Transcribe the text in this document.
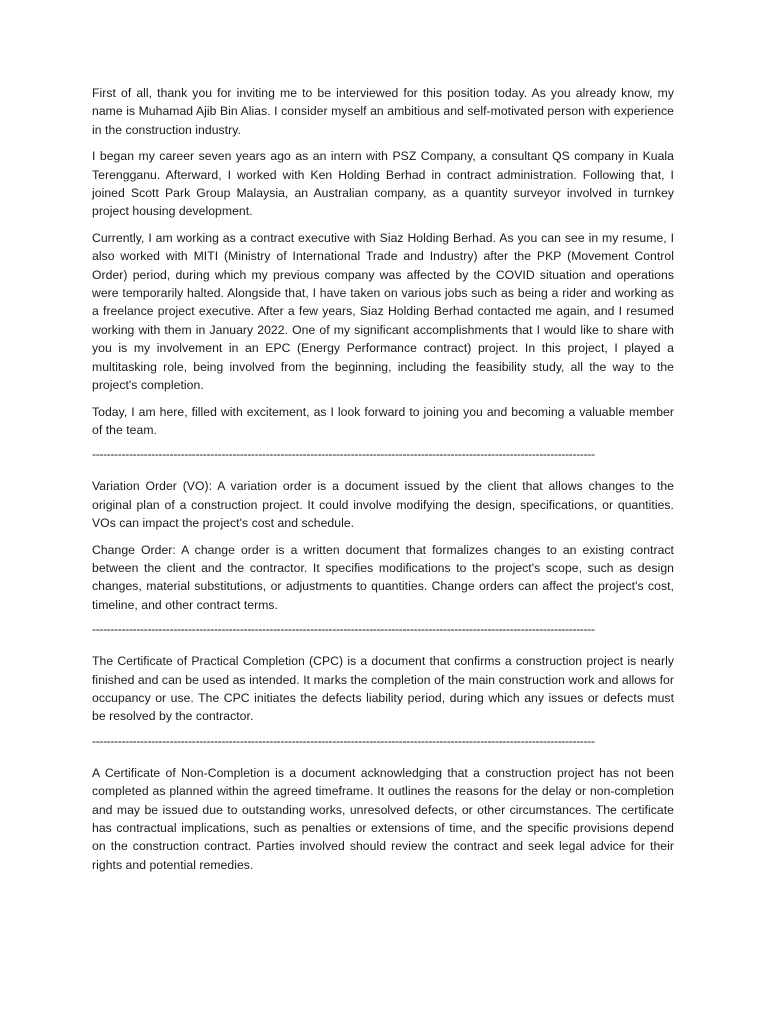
First of all, thank you for inviting me to be interviewed for this position today. As you already know, my name is Muhamad Ajib Bin Alias. I consider myself an ambitious and self-motivated person with experience in the construction industry.

I began my career seven years ago as an intern with PSZ Company, a consultant QS company in Kuala Terengganu. Afterward, I worked with Ken Holding Berhad in contract administration. Following that, I joined Scott Park Group Malaysia, an Australian company, as a quantity surveyor involved in turnkey project housing development.

Currently, I am working as a contract executive with Siaz Holding Berhad. As you can see in my resume, I also worked with MITI (Ministry of International Trade and Industry) after the PKP (Movement Control Order) period, during which my previous company was affected by the COVID situation and operations were temporarily halted. Alongside that, I have taken on various jobs such as being a rider and working as a freelance project executive. After a few years, Siaz Holding Berhad contacted me again, and I resumed working with them in January 2022. One of my significant accomplishments that I would like to share with you is my involvement in an EPC (Energy Performance contract) project. In this project, I played a multitasking role, being involved from the beginning, including the feasibility study, all the way to the project's completion.

Today, I am here, filled with excitement, as I look forward to joining you and becoming a valuable member of the team.

----------------------------------------------------------------------------------------------------------------------------------------

Variation Order (VO): A variation order is a document issued by the client that allows changes to the original plan of a construction project. It could involve modifying the design, specifications, or quantities. VOs can impact the project's cost and schedule.

Change Order: A change order is a written document that formalizes changes to an existing contract between the client and the contractor. It specifies modifications to the project's scope, such as design changes, material substitutions, or adjustments to quantities. Change orders can affect the project's cost, timeline, and other contract terms.

----------------------------------------------------------------------------------------------------------------------------------------

The Certificate of Practical Completion (CPC) is a document that confirms a construction project is nearly finished and can be used as intended. It marks the completion of the main construction work and allows for occupancy or use. The CPC initiates the defects liability period, during which any issues or defects must be resolved by the contractor.

----------------------------------------------------------------------------------------------------------------------------------------

A Certificate of Non-Completion is a document acknowledging that a construction project has not been completed as planned within the agreed timeframe. It outlines the reasons for the delay or non-completion and may be issued due to outstanding works, unresolved defects, or other circumstances. The certificate has contractual implications, such as penalties or extensions of time, and the specific provisions depend on the construction contract. Parties involved should review the contract and seek legal advice for their rights and potential remedies.
